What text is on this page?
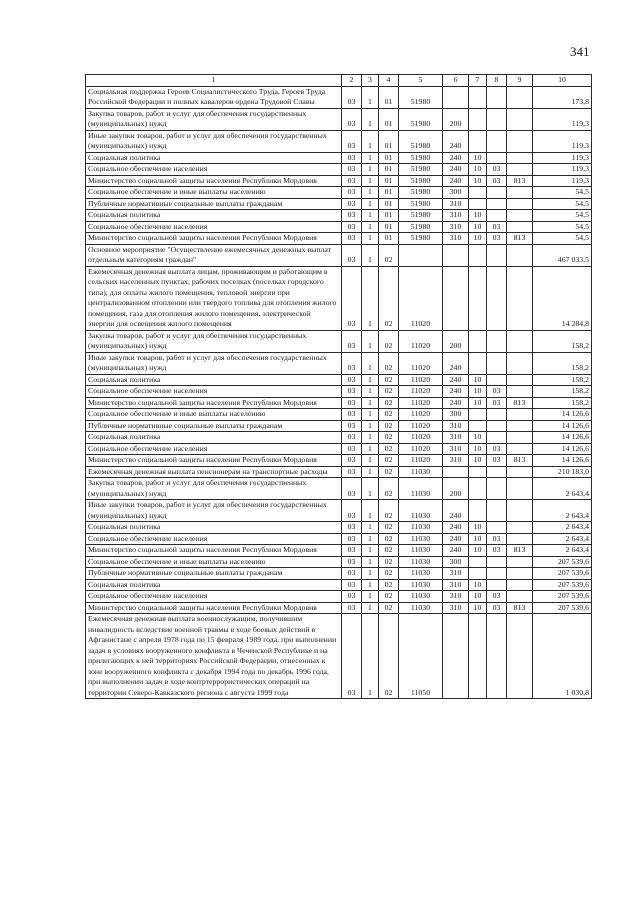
341
1	2	3	4	5	6	7	8	9	10
Социальная поддержка Героев Социалистического Труда, Героев Труда Российской Федерации и полных кавалеров ордена Трудовой Славы	03	1	01	51980					173,8
Закупка товаров, работ и услуг для обеспечения государственных (муниципальных) нужд	03	1	01	51980	200				119,3
Иные закупки товаров, работ и услуг для обеспечения государственных (муниципальных) нужд	03	1	01	51980	240				119,3
Социальная политика	03	1	01	51980	240	10			119,3
Социальное обеспечение населения	03	1	01	51980	240	10	03		119,3
Министерство социальной защиты населения Республики Мордовия	03	1	01	51980	240	10	03	813	119,3
Социальное обеспечение и иные выплаты населению	03	1	01	51980	300				54,5
Публичные нормативные социальные выплаты гражданам	03	1	01	51980	310				54,5
Социальная политика	03	1	01	51980	310	10			54,5
Социальное обеспечение населения	03	1	01	51980	310	10	03		54,5
Министерство социальной защиты населения Республики Мордовия	03	1	01	51980	310	10	03	813	54,5
Основное мероприятие "Осуществление ежемесячных денежных выплат отдельным категориям граждан"	03	1	02						467 033,5
Ежемесячная денежная выплата лицам, проживающим и работающим в сельских населенных пунктах, рабочих поселках (поселках городского типа), для оплаты жилого помещения, тепловой энергии при централизованном отоплении или твердого топлива для отопления жилого помещения, газа для отопления жилого помещения, электрической энергии для освещения жилого помещения	03	1	02	11020					14 284,8
Закупка товаров, работ и услуг для обеспечения государственных (муниципальных) нужд	03	1	02	11020	200				158,2
Иные закупки товаров, работ и услуг для обеспечения государственных (муниципальных) нужд	03	1	02	11020	240				158,2
Социальная политика	03	1	02	11020	240	10			158,2
Социальное обеспечение населения	03	1	02	11020	240	10	03		158,2
Министерство социальной защиты населения Республики Мордовия	03	1	02	11020	240	10	03	813	158,2
Социальное обеспечение и иные выплаты населению	03	1	02	11020	300				14 126,6
Публичные нормативные социальные выплаты гражданам	03	1	02	11020	310				14 126,6
Социальная политика	03	1	02	11020	310	10			14 126,6
Социальное обеспечение населения	03	1	02	11020	310	10	03		14 126,6
Министерство социальной защиты населения Республики Мордовия	03	1	02	11020	310	10	03	813	14 126,6
Ежемесячная денежная выплата пенсионерам на транспортные расходы	03	1	02	11030					210 183,0
Закупка товаров, работ и услуг для обеспечения государственных (муниципальных) нужд	03	1	02	11030	200				2 643,4
Иные закупки товаров, работ и услуг для обеспечения государственных (муниципальных) нужд	03	1	02	11030	240				2 643,4
Социальная политика	03	1	02	11030	240	10			2 643,4
Социальное обеспечение населения	03	1	02	11030	240	10	03		2 643,4
Министерство социальной защиты населения Республики Мордовия	03	1	02	11030	240	10	03	813	2 643,4
Социальное обеспечение и иные выплаты населению	03	1	02	11030	300				207 539,6
Публичные нормативные социальные выплаты гражданам	03	1	02	11030	310				207 539,6
Социальная политика	03	1	02	11030	310	10			207 539,6
Социальное обеспечение населения	03	1	02	11030	310	10	03		207 539,6
Министерство социальной защиты населения Республики Мордовия	03	1	02	11030	310	10	03	813	207 539,6
Ежемесячная денежная выплата военнослужащим, получившим инвалидность вследствие военной травмы в ходе боевых действий в Афганистане с апреля 1978 года по 15 февраля 1989 года, при выполнении задач в условиях вооруженного конфликта в Чеченской Республике и на прилегающих к ней территориях Российской Федерации, отнесенных к зоне вооруженного конфликта с декабря 1994 года по декабрь 1996 года, при выполнении задач в ходе контртеррористических операций на территории Северо-Кавказского региона с августа 1999 года	03	1	02	11050					1 030,8
